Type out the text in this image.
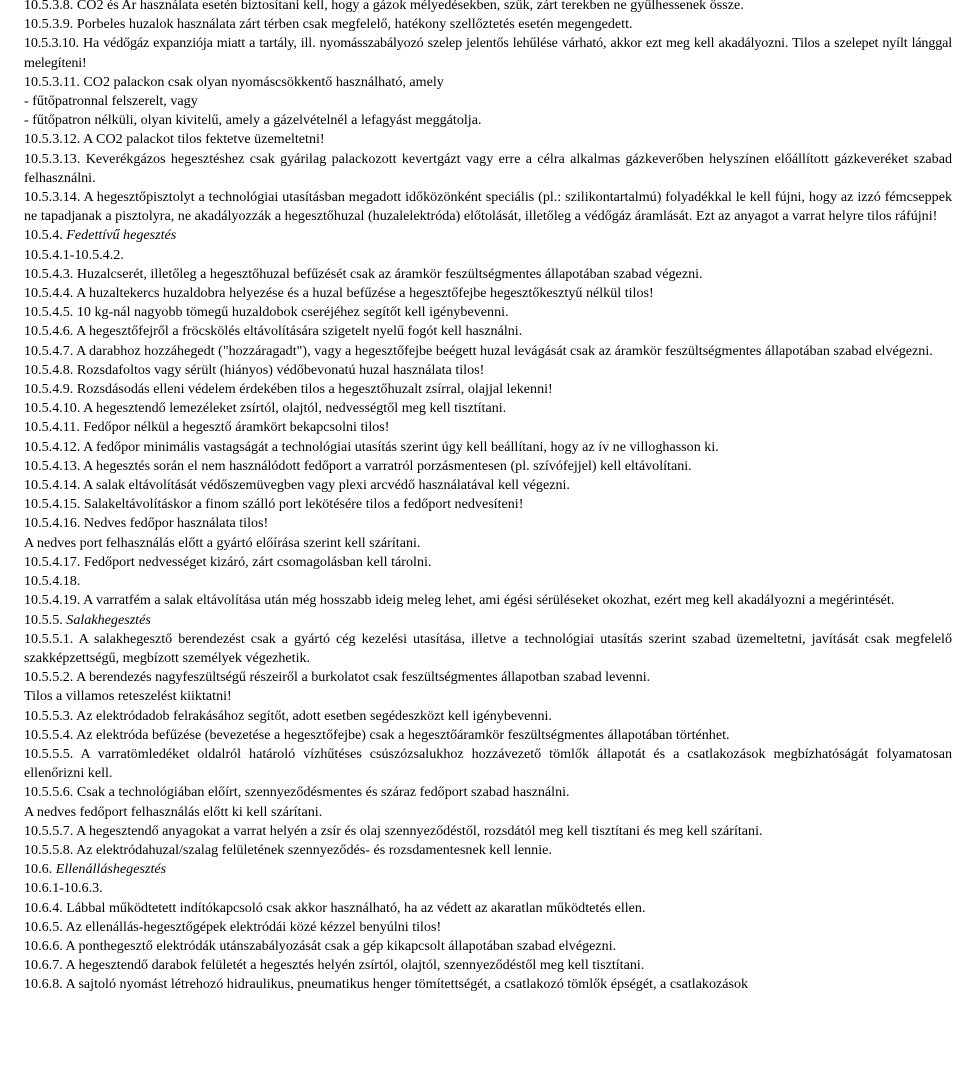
10.5.3.8. CO2 és Ar használata esetén biztosítani kell, hogy a gázok mélyedésekben, szűk, zárt terekben ne gyűlhessenek össze.

10.5.3.9. Porbeles huzalok használata zárt térben csak megfelelő, hatékony szellőztetés esetén megengedett.

10.5.3.10. Ha védőgáz expanziója miatt a tartály, ill. nyomásszabályozó szelep jelentős lehűlése várható, akkor ezt meg kell akadályozni. Tilos a szelepet nyílt lánggal melegíteni!

10.5.3.11. CO2 palackon csak olyan nyomáscsökkentő használható, amely

- fűtőpatronnal felszerelt, vagy

- fűtőpatron nélküli, olyan kivitelű, amely a gázelvételnél a lefagyást meggátolja.

10.5.3.12. A CO2 palackot tilos fektetve üzemeltetni!

10.5.3.13. Keverékgázos hegesztéshez csak gyárilag palackozott kevertgázt vagy erre a célra alkalmas gázkeverőben helyszínen előállított gázkeveréket szabad felhasználni.

10.5.3.14. A hegesztőpisztolyt a technológiai utasításban megadott időközönként speciális (pl.: szilikontartalmú) folyadékkal le kell fújni, hogy az izzó fémcseppek ne tapadjanak a pisztolyra, ne akadályozzák a hegesztőhuzal (huzalelektróda) előtolását, illetőleg a védőgáz áramlását. Ezt az anyagot a varrat helyre tilos ráfújni!

10.5.4. Fedettívű hegesztés

10.5.4.1-10.5.4.2.

10.5.4.3. Huzalcserét, illetőleg a hegesztőhuzal befűzését csak az áramkör feszültségmentes állapotában szabad végezni.

10.5.4.4. A huzaltekercs huzaldobra helyezése és a huzal befűzése a hegesztőfejbe hegesztőkesztyű nélkül tilos!

10.5.4.5. 10 kg-nál nagyobb tömegű huzaldobok cseréjéhez segítőt kell igénybevenni.

10.5.4.6. A hegesztőfejről a fröcskölés eltávolítására szigetelt nyelű fogót kell használni.

10.5.4.7. A darabhoz hozzáhegedt ("hozzáragadt"), vagy a hegesztőfejbe beégett huzal levágását csak az áramkör feszültségmentes állapotában szabad elvégezni.

10.5.4.8. Rozsdafoltos vagy sérült (hiányos) védőbevonatú huzal használata tilos!

10.5.4.9. Rozsdásodás elleni védelem érdekében tilos a hegesztőhuzalt zsírral, olajjal lekenni!

10.5.4.10. A hegesztendő lemezéleket zsírtól, olajtól, nedvességtől meg kell tisztítani.

10.5.4.11. Fedőpor nélkül a hegesztő áramkört bekapcsolni tilos!

10.5.4.12. A fedőpor minimális vastagságát a technológiai utasítás szerint úgy kell beállítani, hogy az ív ne villoghasson ki.

10.5.4.13. A hegesztés során el nem használódott fedőport a varratról porzásmentesen (pl. szívófejjel) kell eltávolítani.

10.5.4.14. A salak eltávolítását védőszemüvegben vagy plexi arcvédő használatával kell végezni.

10.5.4.15. Salakeltávolításkor a finom szálló port lekötésére tilos a fedőport nedvesíteni!

10.5.4.16. Nedves fedőpor használata tilos!

A nedves port felhasználás előtt a gyártó előírása szerint kell szárítani.

10.5.4.17. Fedőport nedvességet kizáró, zárt csomagolásban kell tárolni.

10.5.4.18.

10.5.4.19. A varratfém a salak eltávolítása után még hosszabb ideig meleg lehet, ami égési sérüléseket okozhat, ezért meg kell akadályozni a megérintését.

10.5.5. Salakhegesztés

10.5.5.1. A salakhegesztő berendezést csak a gyártó cég kezelési utasítása, illetve a technológiai utasítás szerint szabad üzemeltetni, javítását csak megfelelő szakképzettségű, megbízott személyek végezhetik.

10.5.5.2. A berendezés nagyfeszültségű részeiről a burkolatot csak feszültségmentes állapotban szabad levenni.

Tilos a villamos reteszelést kiiktatni!

10.5.5.3. Az elektródadob felrakásához segítőt, adott esetben segédeszközt kell igénybevenni.

10.5.5.4. Az elektróda befűzése (bevezetése a hegesztőfejbe) csak a hegesztőáramkör feszültségmentes állapotában történhet.

10.5.5.5. A varratömledéket oldalról határoló vízhűtéses csúszózsalukhoz hozzávezető tömlők állapotát és a csatlakozások megbízhatóságát folyamatosan ellenőrizni kell.

10.5.5.6. Csak a technológiában előírt, szennyeződésmentes és száraz fedőport szabad használni.

A nedves fedőport felhasználás előtt ki kell szárítani.

10.5.5.7. A hegesztendő anyagokat a varrat helyén a zsír és olaj szennyeződéstől, rozsdától meg kell tisztítani és meg kell szárítani.

10.5.5.8. Az elektródahuzal/szalag felületének szennyeződés- és rozsdamentesnek kell lennie.

10.6. Ellenálláshegesztés

10.6.1-10.6.3.

10.6.4. Lábbal működtetett indítókapcsoló csak akkor használható, ha az védett az akaratlan működtetés ellen.

10.6.5. Az ellenállás-hegesztőgépek elektródái közé kézzel benyúlni tilos!

10.6.6. A ponthegesztő elektródák utánszabályozását csak a gép kikapcsolt állapotában szabad elvégezni.

10.6.7. A hegesztendő darabok felületét a hegesztés helyén zsírtól, olajtól, szennyeződéstől meg kell tisztítani.

10.6.8. A sajtoló nyomást létrehozó hidraulikus, pneumatikus henger tömítettségét, a csatlakozó tömlők épségét, a csatlakozások
